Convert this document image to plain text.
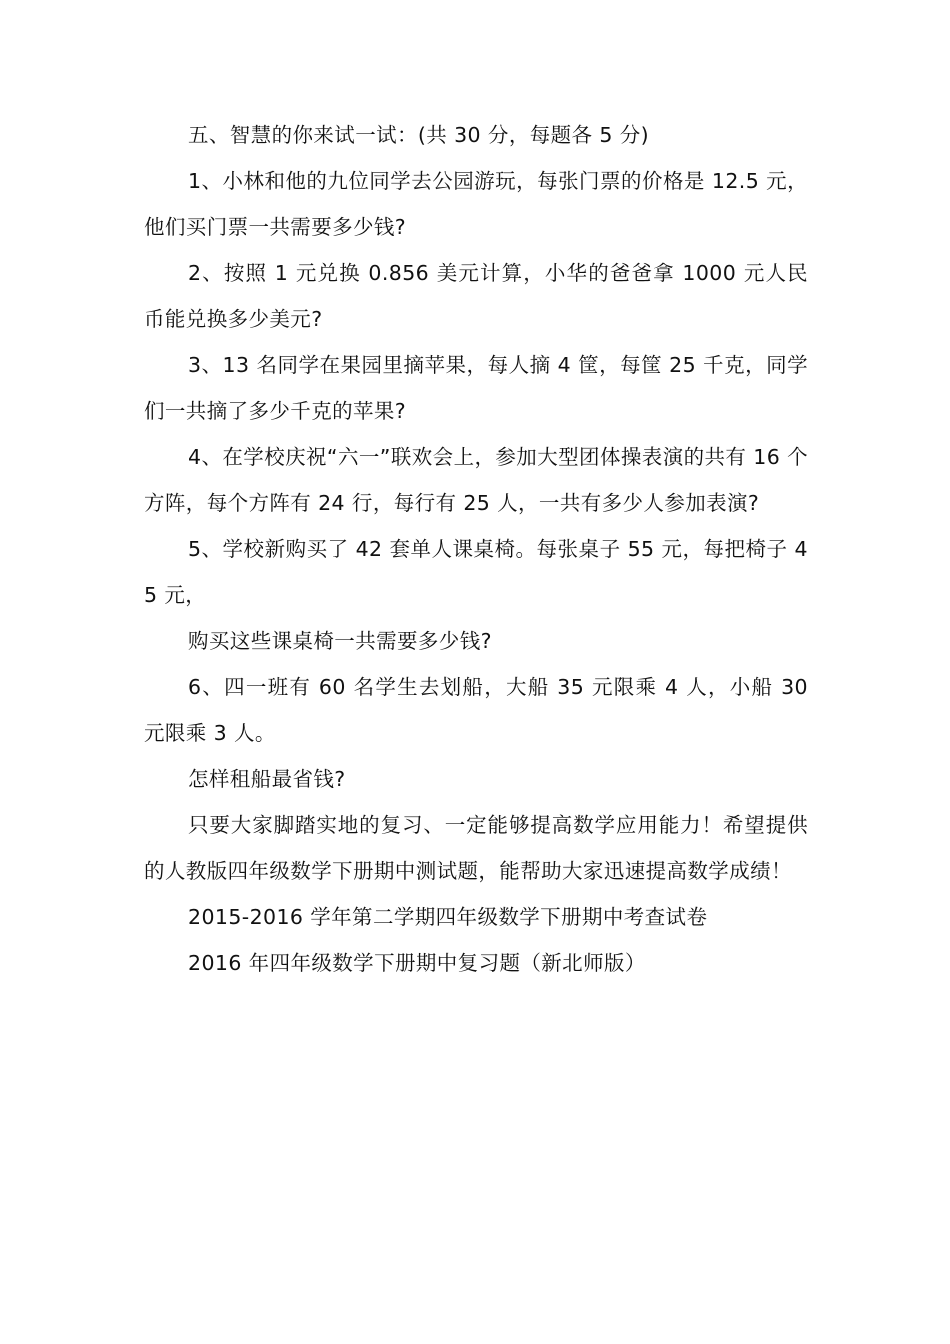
五、智慧的你来试一试：(共 30 分，每题各 5 分)

1、小林和他的九位同学去公园游玩，每张门票的价格是 12.5 元，他们买门票一共需要多少钱?

2、按照 1 元兑换 0.856 美元计算，小华的爸爸拿 1000 元人民币能兑换多少美元?

3、13 名同学在果园里摘苹果，每人摘 4 筐，每筐 25 千克，同学们一共摘了多少千克的苹果?

4、在学校庆祝“六一”联欢会上，参加大型团体操表演的共有 16 个方阵，每个方阵有 24 行，每行有 25 人，一共有多少人参加表演?

5、学校新购买了 42 套单人课桌椅。每张桌子 55 元，每把椅子 45 元，

购买这些课桌椅一共需要多少钱?

6、四一班有 60 名学生去划船，大船 35 元限乘 4 人，小船 30 元限乘 3 人。

怎样租船最省钱?

只要大家脚踏实地的复习、一定能够提高数学应用能力！希望提供的人教版四年级数学下册期中测试题，能帮助大家迅速提高数学成绩！

2015-2016 学年第二学期四年级数学下册期中考查试卷

2016 年四年级数学下册期中复习题（新北师版）
